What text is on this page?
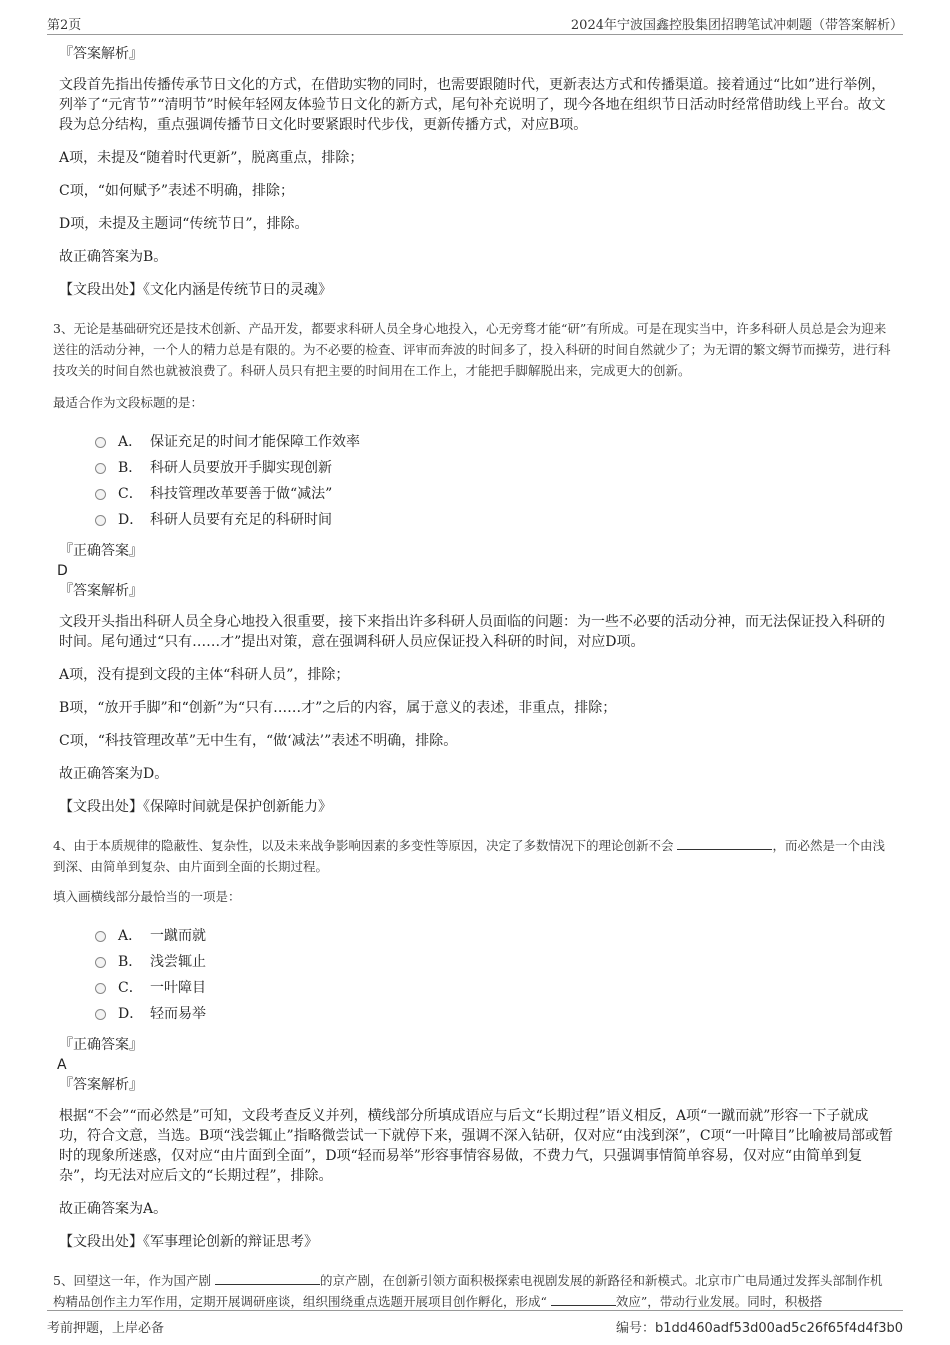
第2页	2024年宁波国鑫控股集团招聘笔试冲刺题（带答案解析）
『答案解析』
文段首先指出传播传承节日文化的方式，在借助实物的同时，也需要跟随时代，更新表达方式和传播渠道。接着通过“比如”进行举例，列举了“元宵节”“清明节”时候年轻网友体验节日文化的新方式，尾句补充说明了，现今各地在组织节日活动时经常借助线上平台。故文段为总分结构，重点强调传播节日文化时要紧跟时代步伐，更新传播方式，对应B项。
A项，未提及“随着时代更新”，脱离重点，排除；
C项，“如何赋予”表述不明确，排除；
D项，未提及主题词“传统节日”，排除。
故正确答案为B。
【文段出处】《文化内涵是传统节日的灵魂》
3、无论是基础研究还是技术创新、产品开发，都要求科研人员全身心地投入，心无旁骛才能“研”有所成。可是在现实当中，许多科研人员总是会为迎来送往的活动分神，一个人的精力总是有限的。为不必要的检查、评审而奔波的时间多了，投入科研的时间自然就少了；为无谓的繁文缛节而操劳，进行科技攻关的时间自然也就被浪费了。科研人员只有把主要的时间用在工作上，才能把手脚解脱出来，完成更大的创新。
最适合作为文段标题的是：
A． 保证充足的时间才能保障工作效率
B． 科研人员要放开手脚实现创新
C． 科技管理改革要善于做“减法”
D． 科研人员要有充足的科研时间
『正确答案』
D
『答案解析』
文段开头指出科研人员全身心地投入很重要，接下来指出许多科研人员面临的问题：为一些不必要的活动分神，而无法保证投入科研的时间。尾句通过“只有……才”提出对策，意在强调科研人员应保证投入科研的时间，对应D项。
A项，没有提到文段的主体“科研人员”，排除；
B项，“放开手脚”和“创新”为“只有……才”之后的内容，属于意义的表述，非重点，排除；
C项，“科技管理改革”无中生有，“做‘减法’”表述不明确，排除。
故正确答案为D。
【文段出处】《保障时间就是保护创新能力》
4、由于本质规律的隐蔽性、复杂性，以及未来战争影响因素的多变性等原因，决定了多数情况下的理论创新不会	，而必然是一个由浅到深、由简单到复杂、由片面到全面的长期过程。
填入画横线部分最恰当的一项是：
A． 一蹴而就
B． 浅尝辄止
C． 一叶障目
D． 轻而易举
『正确答案』
A
『答案解析』
根据“不会”“而必然是”可知，文段考查反义并列，横线部分所填成语应与后文“长期过程”语义相反，A项“一蹴而就”形容一下子就成功，符合文意，当选。B项“浅尝辄止”指略微尝试一下就停下来，强调不深入钻研，仅对应“由浅到深”，C项“一叶障目”比喻被局部或暂时的现象所迷惑，仅对应“由片面到全面”，D项“轻而易举”形容事情容易做，不费力气，只强调事情简单容易，仅对应“由简单到复杂”，均无法对应后文的“长期过程”，排除。
故正确答案为A。
【文段出处】《军事理论创新的辩证思考》
5、回望这一年，作为国产剧	的京产剧，在创新引领方面积极探索电视剧发展的新路径和新模式。北京市广电局通过发挥头部制作机构精品创作主力军作用，定期开展调研座谈，组织围绕重点选题开展项目创作孵化，形成“	效应”，带动行业发展。同时，积极搭
考前押题，上岸必备	编号：b1dd460adf53d00ad5c26f65f4d4f3b0
